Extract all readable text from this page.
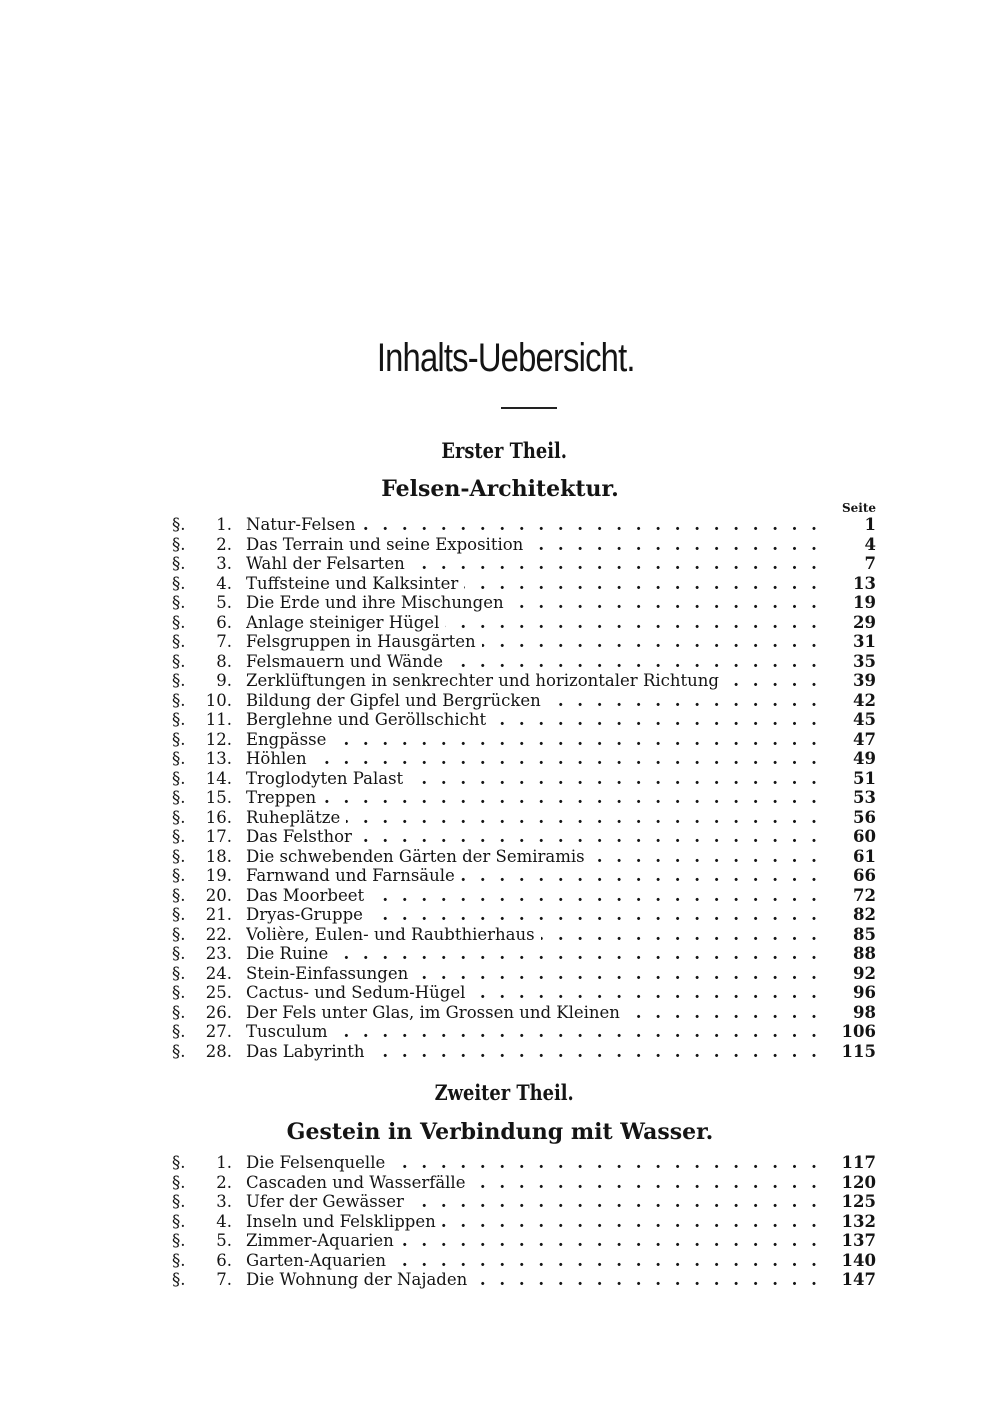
Inhalts-Uebersicht.
Erster Theil.
Felsen-Architektur.
Seite
§.	1. Natur-Felsen . . .	1
§.	2. Das Terrain und seine Exposition . . .	4
§.	3. Wahl der Felsarten . . .	7
§.	4. Tuffsteine und Kalksinter . . .	13
§.	5. Die Erde und ihre Mischungen . . .	19
§.	6. Anlage steiniger Hügel . . .	29
§.	7. Felsgruppen in Hausgärten . . .	31
§.	8. Felsmauern und Wände . . .	35
§.	9. Zerklüftungen in senkrechter und horizontaler Richtung . . .	39
§.	10. Bildung der Gipfel und Bergrücken . . .	42
§.	11. Berglehne und Geröllschicht . . .	45
§.	12. Engpässe . . .	47
§.	13. Höhlen . . .	49
§.	14. Troglodyten Palast . . .	51
§.	15. Treppen . . .	53
§.	16. Ruheplätze . . .	56
§.	17. Das Felsthor . . .	60
§.	18. Die schwebenden Gärten der Semiramis . . .	61
§.	19. Farnwand und Farnsäule . . .	66
§.	20. Das Moorbeet . . .	72
§.	21. Dryas-Gruppe . . .	82
§.	22. Volière, Eulen- und Raubthierhaus . . .	85
§.	23. Die Ruine . . .	88
§.	24. Stein-Einfassungen . . .	92
§.	25. Cactus- und Sedum-Hügel . . .	96
§.	26. Der Fels unter Glas, im Grossen und Kleinen . . .	98
§.	27. Tusculum . . .	106
§.	28. Das Labyrinth . . .	115
Zweiter Theil.
Gestein in Verbindung mit Wasser.
§.	1. Die Felsenquelle . . .	117
§.	2. Cascaden und Wasserfälle . . .	120
§.	3. Ufer der Gewässer . . .	125
§.	4. Inseln und Felsklippen . . .	132
§.	5. Zimmer-Aquarien . . .	137
§.	6. Garten-Aquarien . . .	140
§.	7. Die Wohnung der Najaden . . .	147
